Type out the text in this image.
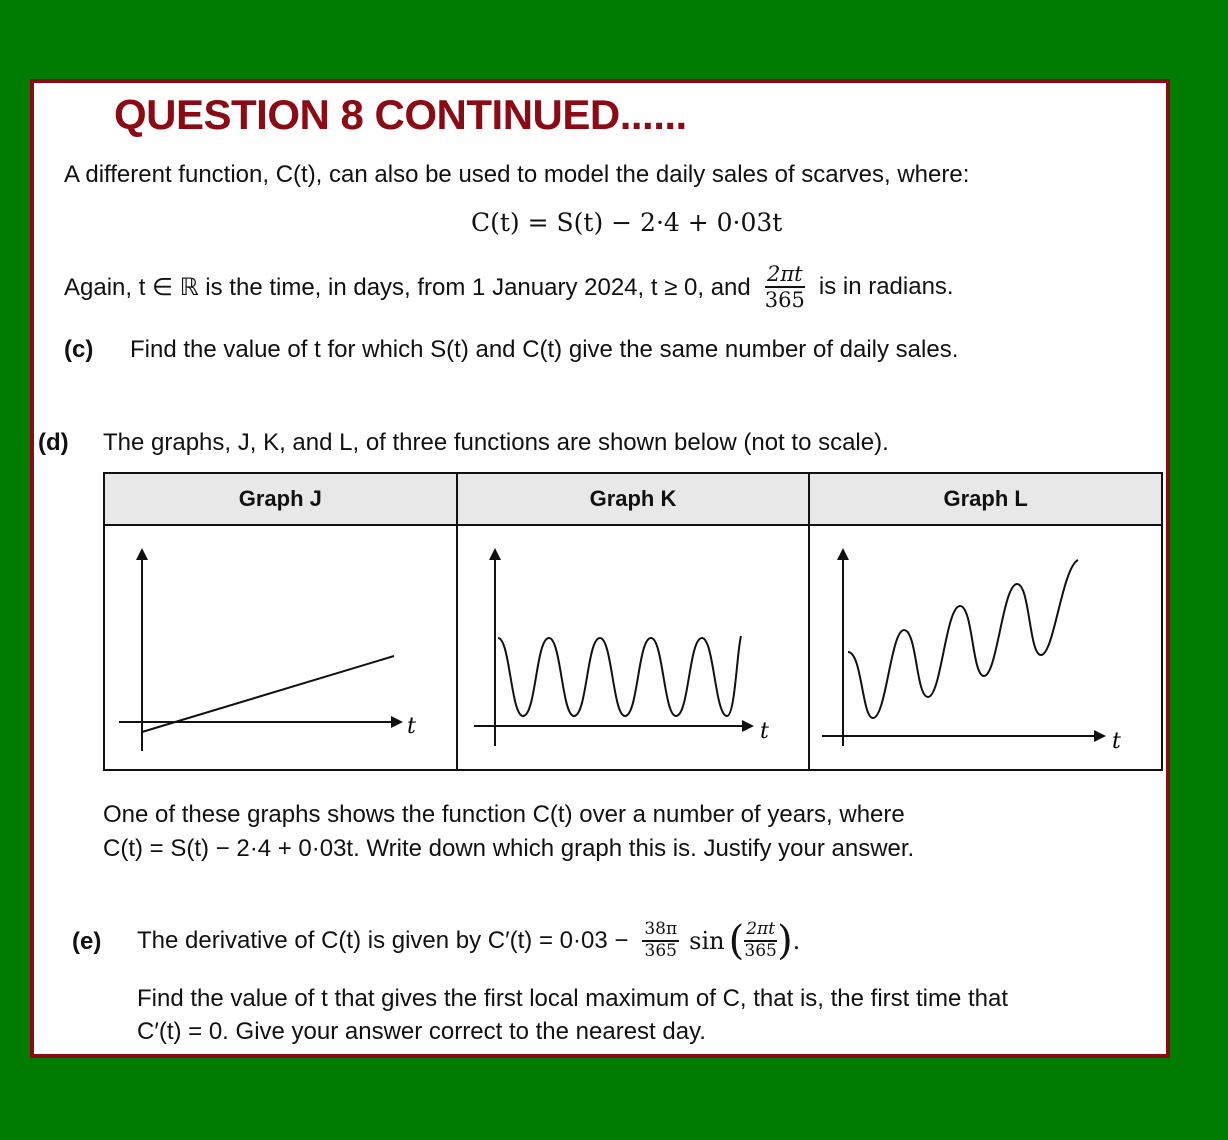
QUESTION 8 CONTINUED......
A different function, C(t), can also be used to model the daily sales of scarves, where:
C(t) = S(t) − 2·4 + 0·03t
Again, t ∈ ℝ is the time, in days, from 1 January 2024, t ≥ 0, and $\frac{2\pi t}{365}$ is in radians.
(c) Find the value of t for which S(t) and C(t) give the same number of daily sales.
(d) The graphs, J, K, and L, of three functions are shown below (not to scale).
Graph J	Graph K	Graph L

t	t	t
One of these graphs shows the function C(t) over a number of years, where
C(t) = S(t) − 2·4 + 0·03t. Write down which graph this is. Justify your answer.
(e) The derivative of C(t) is given by $C'(t) = 0\cdot 03 - \frac{38\pi}{365}$ sin ( $\frac{2\pi t}{365}$ ) .
Find the value of t that gives the first local maximum of C, that is, the first time that
C′(t) = 0. Give your answer correct to the nearest day.
